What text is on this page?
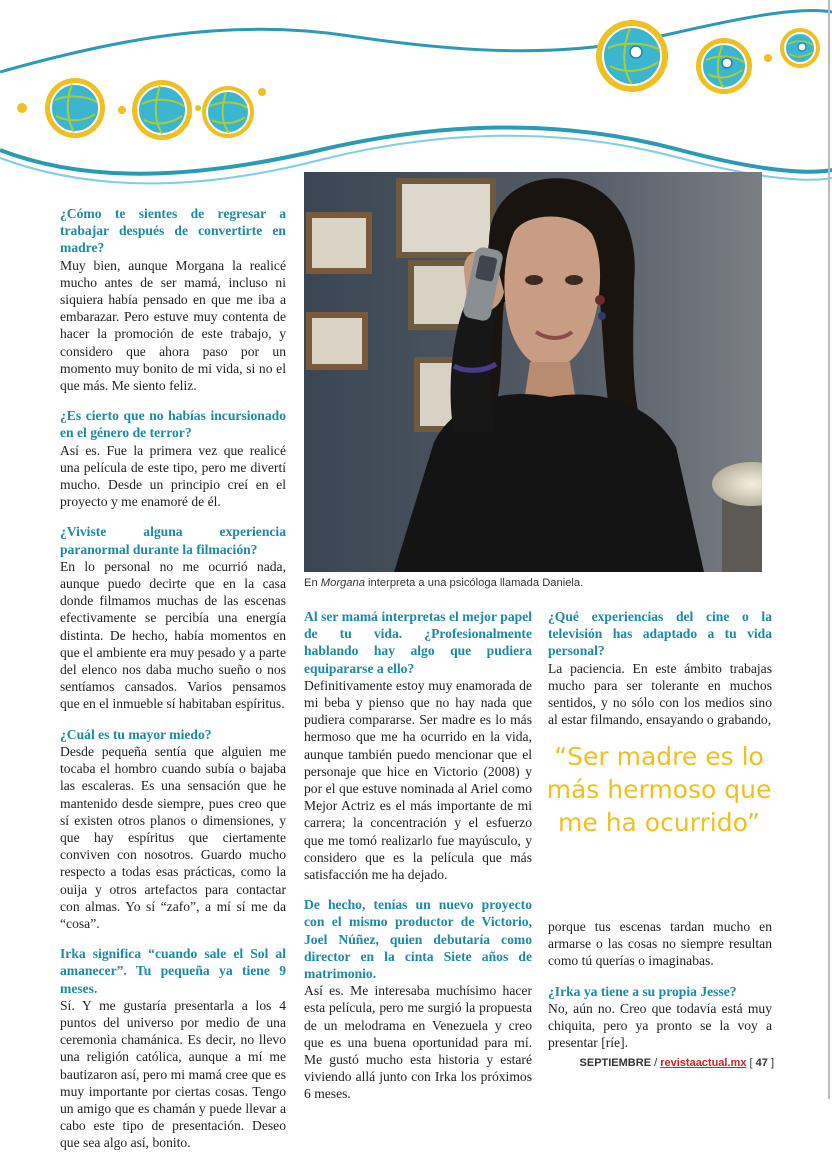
En Morgana interpreta a una psicóloga llamada Daniela.

¿Cómo te sientes de regresar a trabajar después de convertirte en madre?
Muy bien, aunque Morgana la realicé mucho antes de ser mamá, incluso ni siquiera había pensado en que me iba a embarazar. Pero estuve muy contenta de hacer la promoción de este trabajo, y considero que ahora paso por un momento muy bonito de mi vida, si no el que más. Me siento feliz.

¿Es cierto que no habías incursionado en el género de terror?
Así es. Fue la primera vez que realicé una película de este tipo, pero me divertí mucho. Desde un principio creí en el proyecto y me enamoré de él.

¿Viviste alguna experiencia paranormal durante la filmación?
En lo personal no me ocurrió nada, aunque puedo decirte que en la casa donde filmamos muchas de las escenas efectivamente se percibía una energía distinta. De hecho, había momentos en que el ambiente era muy pesado y a parte del elenco nos daba mucho sueño o nos sentíamos cansados. Varios pensamos que en el inmueble sí habitaban espíritus.

¿Cuál es tu mayor miedo?
Desde pequeña sentía que alguien me tocaba el hombro cuando subía o bajaba las escaleras. Es una sensación que he mantenido desde siempre, pues creo que sí existen otros planos o dimensiones, y que hay espíritus que ciertamente conviven con nosotros. Guardo mucho respecto a todas esas prácticas, como la ouija y otros artefactos para contactar con almas. Yo sí “zafo”, a mí sí me da “cosa”.

Irka significa “cuando sale el Sol al amanecer”. Tu pequeña ya tiene 9 meses.
Sí. Y me gustaría presentarla a los 4 puntos del universo por medio de una ceremonia chamánica. Es decir, no llevo una religión católica, aunque a mí me bautizaron así, pero mi mamá cree que es muy importante por ciertas cosas. Tengo un amigo que es chamán y puede llevar a cabo este tipo de presentación. Deseo que sea algo así, bonito.

Al ser mamá interpretas el mejor papel de tu vida. ¿Profesionalmente hablando hay algo que pudiera equipararse a ello?
Definitivamente estoy muy enamorada de mi beba y pienso que no hay nada que pudiera compararse. Ser madre es lo más hermoso que me ha ocurrido en la vida, aunque también puedo mencionar que el personaje que hice en Victorio (2008) y por el que estuve nominada al Ariel como Mejor Actriz es el más importante de mi carrera; la concentración y el esfuerzo que me tomó realizarlo fue mayúsculo, y considero que es la película que más satisfacción me ha dejado.

De hecho, tenías un nuevo proyecto con el mismo productor de Victorio, Joel Núñez, quien debutaría como director en la cinta Siete años de matrimonio.
Así es. Me interesaba muchísimo hacer esta película, pero me surgió la propuesta de un melodrama en Venezuela y creo que es una buena oportunidad para mí. Me gustó mucho esta historia y estaré viviendo allá junto con Irka los próximos 6 meses.

¿Qué experiencias del cine o la televisión has adaptado a tu vida personal?
La paciencia. En este ámbito trabajas mucho para ser tolerante en muchos sentidos, y no sólo con los medios sino al estar filmando, ensayando o grabando,

porque tus escenas tardan mucho en armarse o las cosas no siempre resultan como tú querías o imaginabas.

¿Irka ya tiene a su propia Jesse?
No, aún no. Creo que todavía está muy chiquita, pero ya pronto se la voy a presentar [ríe].

“Ser madre es lo más hermoso que me ha ocurrido”
SEPTIEMBRE / revistaactual.mx [ 47 ]
